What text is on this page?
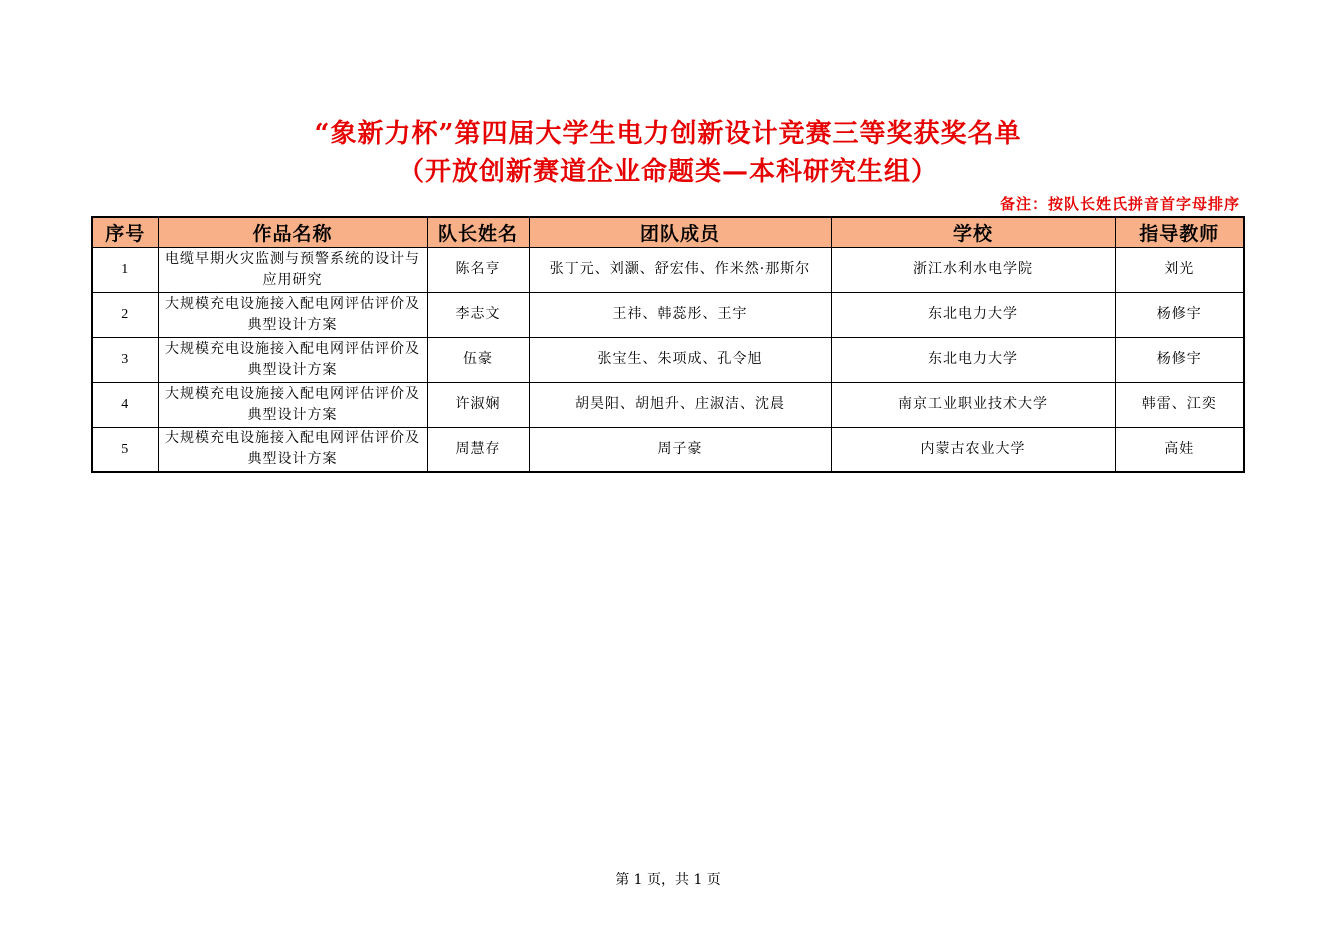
“象新力杯”第四届大学生电力创新设计竞赛三等奖获奖名单
（开放创新赛道企业命题类—本科研究生组）
备注：按队长姓氏拼音首字母排序
序号	作品名称	队长姓名	团队成员	学校	指导教师
1	电缆早期火灾监测与预警系统的设计与应用研究	陈名亨	张丁元、刘灏、舒宏伟、作米然·那斯尔	浙江水利水电学院	刘光
2	大规模充电设施接入配电网评估评价及典型设计方案	李志文	王祎、韩蕊彤、王宇	东北电力大学	杨修宇
3	大规模充电设施接入配电网评估评价及典型设计方案	伍豪	张宝生、朱项成、孔令旭	东北电力大学	杨修宇
4	大规模充电设施接入配电网评估评价及典型设计方案	许淑娴	胡昊阳、胡旭升、庄淑洁、沈晨	南京工业职业技术大学	韩雷、江奕
5	大规模充电设施接入配电网评估评价及典型设计方案	周慧存	周子豪	内蒙古农业大学	高娃
第 1 页，共 1 页
